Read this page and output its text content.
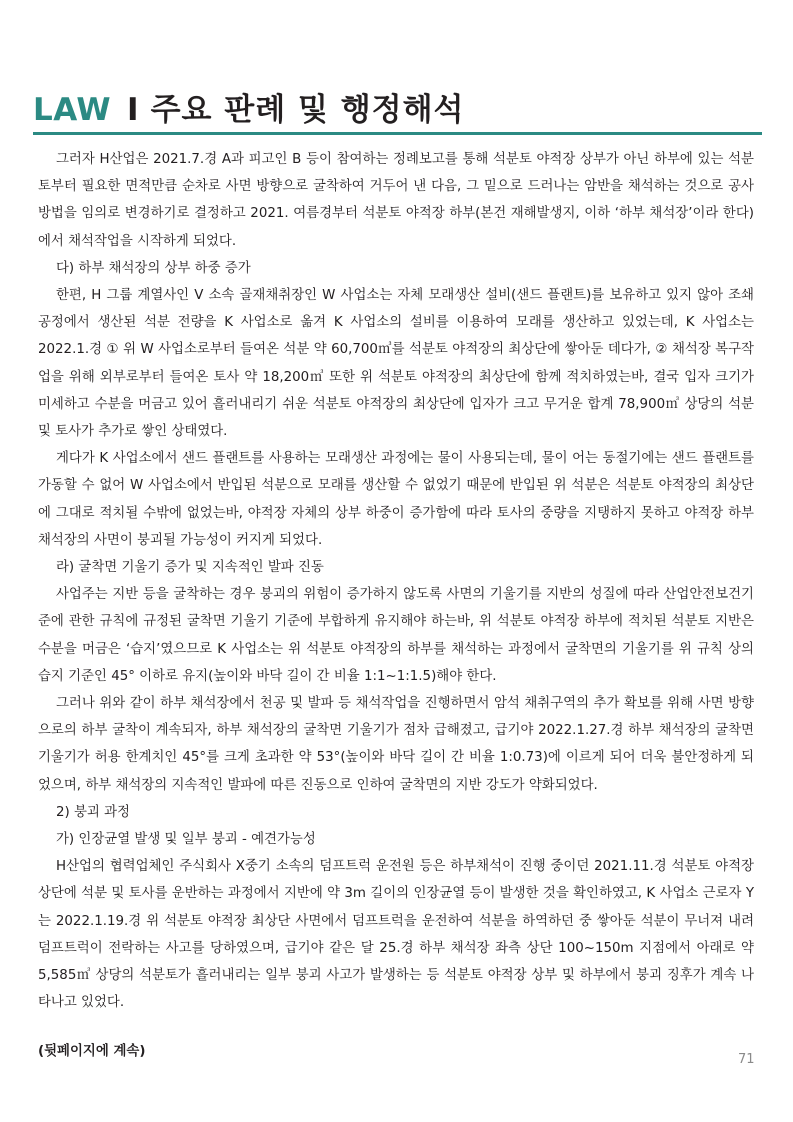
LAW I 주요 판례 및 행정해석

그러자 H산업은 2021.7.경 A과 피고인 B 등이 참여하는 정례보고를 통해 석분토 야적장 상부가 아닌 하부에 있는 석분토부터 필요한 면적만큼 순차로 사면 방향으로 굴착하여 거두어 낸 다음, 그 밑으로 드러나는 암반을 채석하는 것으로 공사 방법을 임의로 변경하기로 결정하고 2021. 여름경부터 석분토 야적장 하부(본건 재해발생지, 이하 ‘하부 채석장’이라 한다)에서 채석작업을 시작하게 되었다.

다) 하부 채석장의 상부 하중 증가

한편, H 그룹 계열사인 V 소속 골재채취장인 W 사업소는 자체 모래생산 설비(샌드 플랜트)를 보유하고 있지 않아 조쇄 공정에서 생산된 석분 전량을 K 사업소로 옮겨 K 사업소의 설비를 이용하여 모래를 생산하고 있었는데, K 사업소는 2022.1.경 ① 위 W 사업소로부터 들여온 석분 약 60,700㎥를 석분토 야적장의 최상단에 쌓아둔 데다가, ② 채석장 복구작업을 위해 외부로부터 들여온 토사 약 18,200㎥ 또한 위 석분토 야적장의 최상단에 함께 적치하였는바, 결국 입자 크기가 미세하고 수분을 머금고 있어 흘러내리기 쉬운 석분토 야적장의 최상단에 입자가 크고 무거운 합계 78,900㎥ 상당의 석분 및 토사가 추가로 쌓인 상태였다.

게다가 K 사업소에서 샌드 플랜트를 사용하는 모래생산 과정에는 물이 사용되는데, 물이 어는 동절기에는 샌드 플랜트를 가동할 수 없어 W 사업소에서 반입된 석분으로 모래를 생산할 수 없었기 때문에 반입된 위 석분은 석분토 야적장의 최상단에 그대로 적치될 수밖에 없었는바, 야적장 자체의 상부 하중이 증가함에 따라 토사의 중량을 지탱하지 못하고 야적장 하부 채석장의 사면이 붕괴될 가능성이 커지게 되었다.

라) 굴착면 기울기 증가 및 지속적인 발파 진동

사업주는 지반 등을 굴착하는 경우 붕괴의 위험이 증가하지 않도록 사면의 기울기를 지반의 성질에 따라 산업안전보건기준에 관한 규칙에 규정된 굴착면 기울기 기준에 부합하게 유지해야 하는바, 위 석분토 야적장 하부에 적치된 석분토 지반은 수분을 머금은 ‘습지’였으므로 K 사업소는 위 석분토 야적장의 하부를 채석하는 과정에서 굴착면의 기울기를 위 규칙 상의 습지 기준인 45° 이하로 유지(높이와 바닥 길이 간 비율 1:1~1:1.5)해야 한다.

그러나 위와 같이 하부 채석장에서 천공 및 발파 등 채석작업을 진행하면서 암석 채취구역의 추가 확보를 위해 사면 방향으로의 하부 굴착이 계속되자, 하부 채석장의 굴착면 기울기가 점차 급해졌고, 급기야 2022.1.27.경 하부 채석장의 굴착면 기울기가 허용 한계치인 45°를 크게 초과한 약 53°(높이와 바닥 길이 간 비율 1:0.73)에 이르게 되어 더욱 불안정하게 되었으며, 하부 채석장의 지속적인 발파에 따른 진동으로 인하여 굴착면의 지반 강도가 약화되었다.

2) 붕괴 과정

가) 인장균열 발생 및 일부 붕괴 - 예견가능성

H산업의 협력업체인 주식회사 X중기 소속의 덤프트럭 운전원 등은 하부채석이 진행 중이던 2021.11.경 석분토 야적장 상단에 석분 및 토사를 운반하는 과정에서 지반에 약 3m 길이의 인장균열 등이 발생한 것을 확인하였고, K 사업소 근로자 Y는 2022.1.19.경 위 석분토 야적장 최상단 사면에서 덤프트럭을 운전하여 석분을 하역하던 중 쌓아둔 석분이 무너져 내려 덤프트럭이 전락하는 사고를 당하였으며, 급기야 같은 달 25.경 하부 채석장 좌측 상단 100~150m 지점에서 아래로 약 5,585㎥ 상당의 석분토가 흘러내리는 일부 붕괴 사고가 발생하는 등 석분토 야적장 상부 및 하부에서 붕괴 징후가 계속 나타나고 있었다.

(뒷페이지에 계속)
71
